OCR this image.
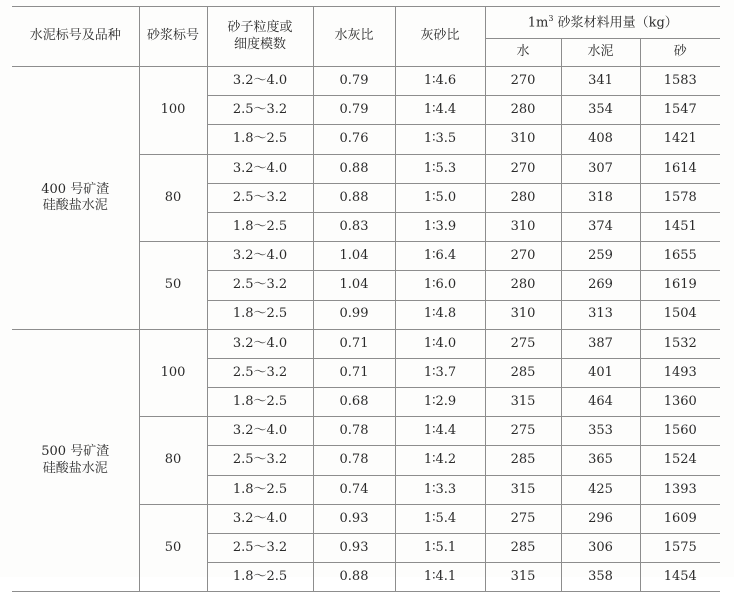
水泥标号及品种	砂浆标号	砂子粒度或
细度模数	水灰比	灰砂比	$1m^3$ 砂浆材料用量（kg）		
					水	水泥	砂
400 号矿渣
硅酸盐水泥	100	3.2～4.0	0.79	1∶4.6	270	341	1583
		2.5～3.2	0.79	1∶4.4	280	354	1547
		1.8～2.5	0.76	1∶3.5	310	408	1421
	80	3.2～4.0	0.88	1∶5.3	270	307	1614
		2.5～3.2	0.88	1∶5.0	280	318	1578
		1.8～2.5	0.83	1∶3.9	310	374	1451
	50	3.2～4.0	1.04	1∶6.4	270	259	1655
		2.5～3.2	1.04	1∶6.0	280	269	1619
		1.8～2.5	0.99	1∶4.8	310	313	1504
500 号矿渣
硅酸盐水泥	100	3.2～4.0	0.71	1∶4.0	275	387	1532
		2.5～3.2	0.71	1∶3.7	285	401	1493
		1.8～2.5	0.68	1∶2.9	315	464	1360
	80	3.2～4.0	0.78	1∶4.4	275	353	1560
		2.5～3.2	0.78	1∶4.2	285	365	1524
		1.8～2.5	0.74	1∶3.3	315	425	1393
	50	3.2～4.0	0.93	1∶5.4	275	296	1609
		2.5～3.2	0.93	1∶5.1	285	306	1575
		1.8～2.5	0.88	1∶4.1	315	358	1454
